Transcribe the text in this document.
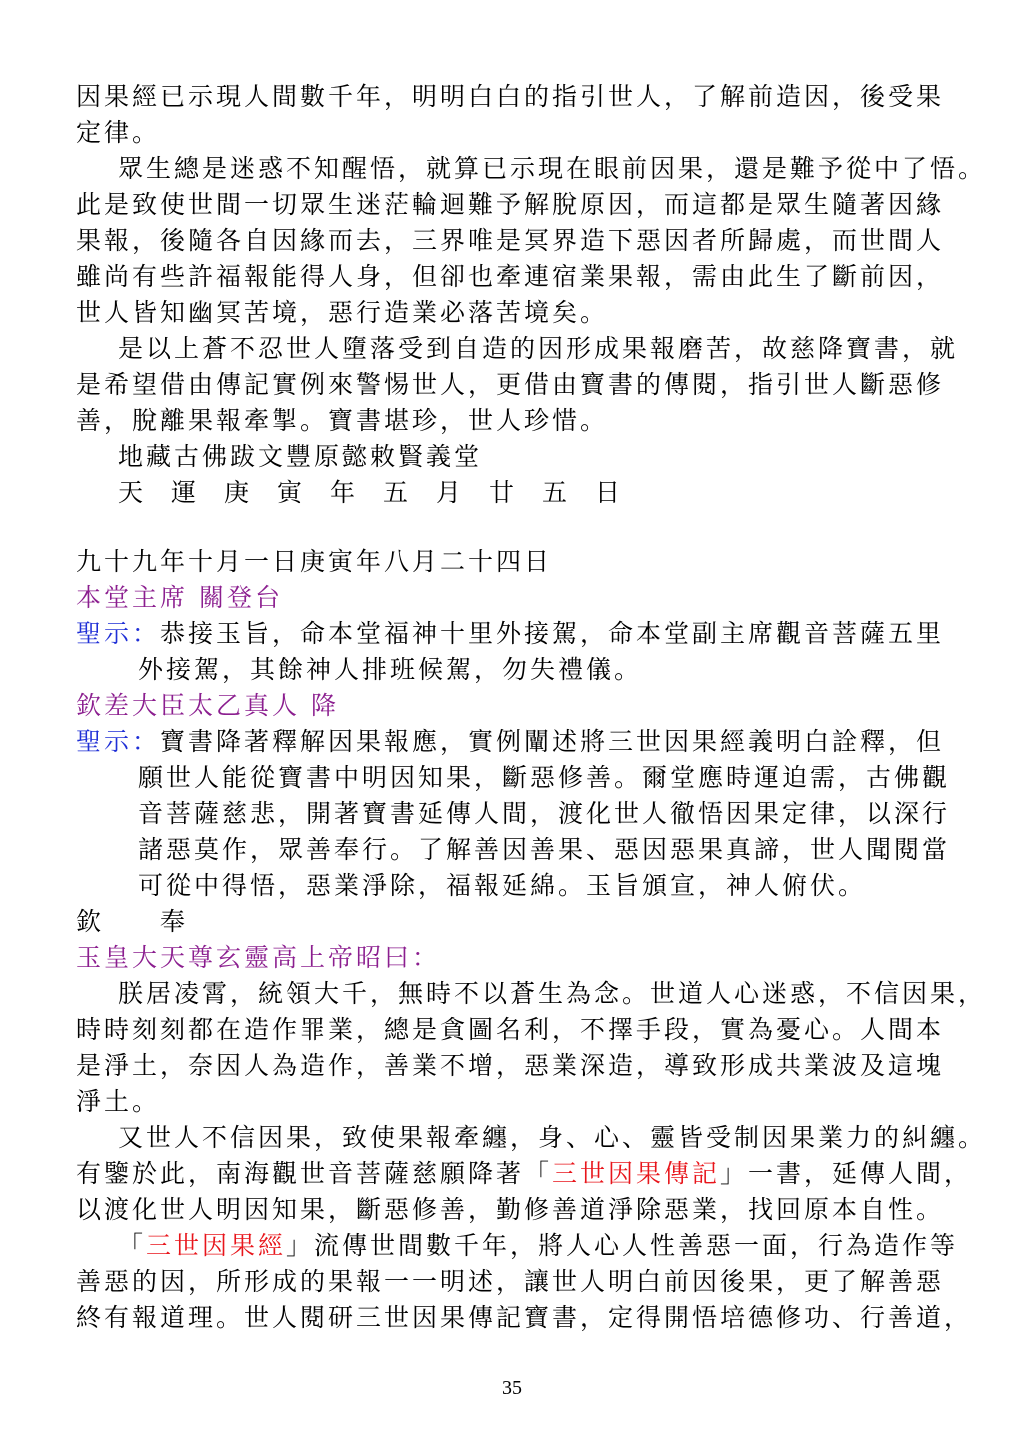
因果經已示現人間數千年，明明白白的指引世人，了解前造因，後受果
定律。
眾生總是迷惑不知醒悟，就算已示現在眼前因果，還是難予從中了悟。
此是致使世間一切眾生迷茫輪迴難予解脫原因，而這都是眾生隨著因緣
果報，後隨各自因緣而去，三界唯是冥界造下惡因者所歸處，而世間人
雖尚有些許福報能得人身，但卻也牽連宿業果報，需由此生了斷前因，
世人皆知幽冥苦境，惡行造業必落苦境矣。
是以上蒼不忍世人墮落受到自造的因形成果報磨苦，故慈降寶書，就
是希望借由傳記實例來警惕世人，更借由寶書的傳閱，指引世人斷惡修
善，脫離果報牽掣。寶書堪珍，世人珍惜。
地藏古佛跋文豐原懿敕賢義堂
天運庚寅年五月廿五日
九十九年十月一日庚寅年八月二十四日
本堂主席 關登台
聖示：恭接玉旨，命本堂福神十里外接駕，命本堂副主席觀音菩薩五里
外接駕，其餘神人排班候駕，勿失禮儀。
欽差大臣太乙真人 降
聖示：寶書降著釋解因果報應，實例闡述將三世因果經義明白詮釋，但
願世人能從寶書中明因知果，斷惡修善。爾堂應時運迫需，古佛觀
音菩薩慈悲，開著寶書延傳人間，渡化世人徹悟因果定律，以深行
諸惡莫作，眾善奉行。了解善因善果、惡因惡果真諦，世人聞閱當
可從中得悟，惡業淨除，福報延綿。玉旨頒宣，神人俯伏。
欽　　奉
玉皇大天尊玄靈高上帝昭曰：
朕居凌霄，統領大千，無時不以蒼生為念。世道人心迷惑，不信因果，
時時刻刻都在造作罪業，總是貪圖名利，不擇手段，實為憂心。人間本
是淨土，奈因人為造作，善業不增，惡業深造，導致形成共業波及這塊
淨土。
又世人不信因果，致使果報牽纏，身、心、靈皆受制因果業力的糾纏。
有鑒於此，南海觀世音菩薩慈願降著「三世因果傳記」一書，延傳人間，
以渡化世人明因知果，斷惡修善，勤修善道淨除惡業，找回原本自性。
「三世因果經」流傳世間數千年，將人心人性善惡一面，行為造作等
善惡的因，所形成的果報一一明述，讓世人明白前因後果，更了解善惡
終有報道理。世人閱研三世因果傳記寶書，定得開悟培德修功、行善道，
35
